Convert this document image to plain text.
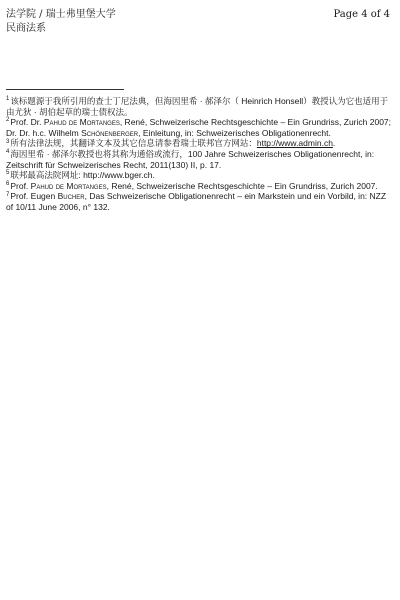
法学院 / 瑞士弗里堡大学
民商法系
Page 4 of 4

$^1$该标题源于我所引用的查士丁尼法典，但海因里希 · 郝泽尔（ Heinrich Honsell）教授认为它也适用于由尤狄 · 胡伯起草的瑞士债权法。

$^2$Prof. Dr. Pahud de Mortanges, René, Schweizerische Rechtsgeschichte – Ein Grundriss, Zurich 2007; Dr. Dr. h.c. Wilhelm Schönenberger, Einleitung, in: Schweizerisches Obligationenrecht.

$^3$所有法律法规，其翻译文本及其它信息请参看瑞士联邦官方网站：http://www.admin.ch.

$^4$海因里希 · 郝泽尔教授也将其称为通俗或流行，100 Jahre Schweizerisches Obligationenrecht, in: Zeitschrift für Schweizerisches Recht, 2011(130) II, p. 17.

$^5$联邦最高法院网址: http://www.bger.ch.

$^6$Prof. Pahud de Mortanges, René, Schweizerische Rechtsgeschichte – Ein Grundriss, Zurich 2007.

$^7$Prof. Eugen Bucher, Das Schweizerische Obligationenrecht – ein Markstein und ein Vorbild, in: NZZ of 10/11 June 2006, n° 132.
